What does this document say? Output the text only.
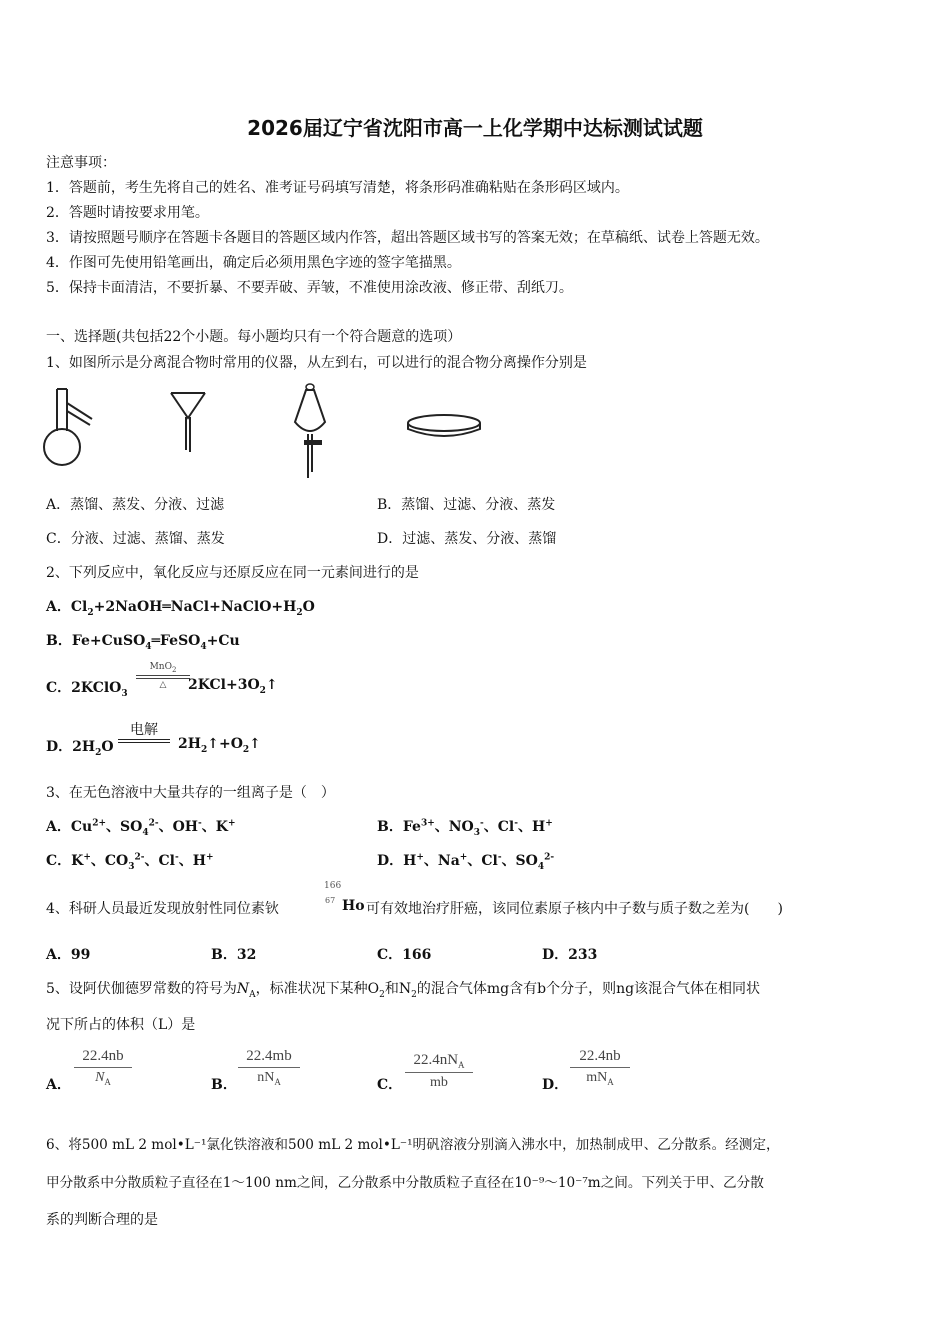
2026届辽宁省沈阳市高一上化学期中达标测试试题
注意事项：
1．答题前，考生先将自己的姓名、准考证号码填写清楚，将条形码准确粘贴在条形码区域内。
2．答题时请按要求用笔。
3．请按照题号顺序在答题卡各题目的答题区域内作答，超出答题区域书写的答案无效；在草稿纸、试卷上答题无效。
4．作图可先使用铅笔画出，确定后必须用黑色字迹的签字笔描黑。
5．保持卡面清洁，不要折暴、不要弄破、弄皱，不准使用涂改液、修正带、刮纸刀。
一、选择题(共包括22个小题。每小题均只有一个符合题意的选项）
1、如图所示是分离混合物时常用的仪器，从左到右，可以进行的混合物分离操作分别是
A．蒸馏、蒸发、分液、过滤	B．蒸馏、过滤、分液、蒸发
C．分液、过滤、蒸馏、蒸发	D．过滤、蒸发、分液、蒸馏
2、下列反应中，氧化反应与还原反应在同一元素间进行的是
A．$Cl_2+2NaOH═NaCl+NaClO+H_2O$
B．Fe+CuSO$_4$═FeSO$_4$+Cu
C．2KClO$_3$
MnO$_2$
△	$2KCl+3O_2↑$
D．$2H_2O$
电解
$2H_2↑+O_2↑$
3、在无色溶液中大量共存的一组离子是（　）
A．$Cu^{2+}$、$SO_4^{2-}$、OH-、K+	B．$Fe^{3+}$、$NO_3^-$、Cl-、H+
C．K+、$CO_3^{2-}$、Cl-、H+	D．H+、Na+、Cl-、$SO_4^{2-}$
4、科研人员最近发现放射性同位素钬
166
67 Ho 可有效地治疗肝癌，该同位素原子核内中子数与质子数之差为(　　)
A．99	B．32	C．166	D．233
5、设阿伏伽德罗常数的符号为$N_A$，标准状况下某种$O_2$和$N_2$的混合气体mg含有b个分子，则ng该混合气体在相同状
况下所占的体积（L）是
A．
22.4nb
$N_A$	B．
22.4mb
$nN_A$	C．
$22.4nN_A$
mb	D．
22.4nb
$mN_A$
6、将500 mL 2 mol•L⁻¹氯化铁溶液和500 mL 2 mol•L⁻¹明矾溶液分别滴入沸水中，加热制成甲、乙分散系。经测定，
甲分散系中分散质粒子直径在1～100 nm之间，乙分散系中分散质粒子直径在10⁻⁹～10⁻⁷m之间。下列关于甲、乙分散
系的判断合理的是
